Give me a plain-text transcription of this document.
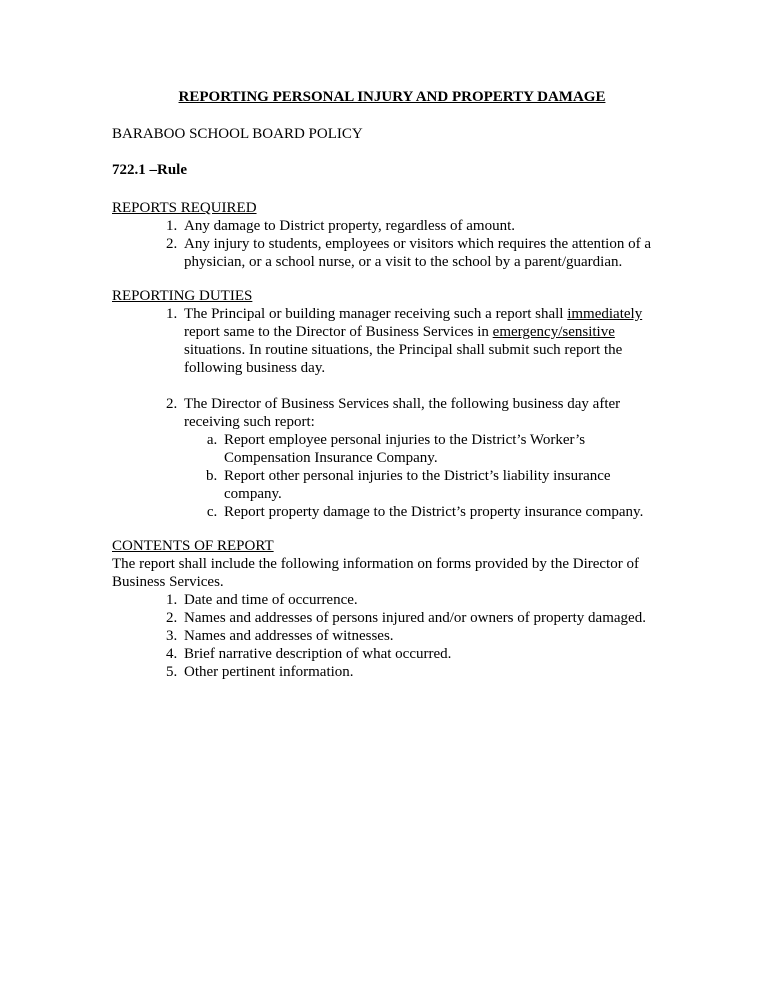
REPORTING PERSONAL INJURY AND PROPERTY DAMAGE

BARABOO SCHOOL BOARD POLICY

722.1 –Rule

REPORTS REQUIRED

1. Any damage to District property, regardless of amount.
2. Any injury to students, employees or visitors which requires the attention of a physician, or a school nurse, or a visit to the school by a parent/guardian.

REPORTING DUTIES

1. The Principal or building manager receiving such a report shall immediately report same to the Director of Business Services in emergency/sensitive situations. In routine situations, the Principal shall submit such report the following business day.
2. The Director of Business Services shall, the following business day after receiving such report:
a. Report employee personal injuries to the District’s Worker’s Compensation Insurance Company.
b. Report other personal injuries to the District’s liability insurance company.
c. Report property damage to the District’s property insurance company.

CONTENTS OF REPORT

The report shall include the following information on forms provided by the Director of Business Services.

1. Date and time of occurrence.
2. Names and addresses of persons injured and/or owners of property damaged.
3. Names and addresses of witnesses.
4. Brief narrative description of what occurred.
5. Other pertinent information.
